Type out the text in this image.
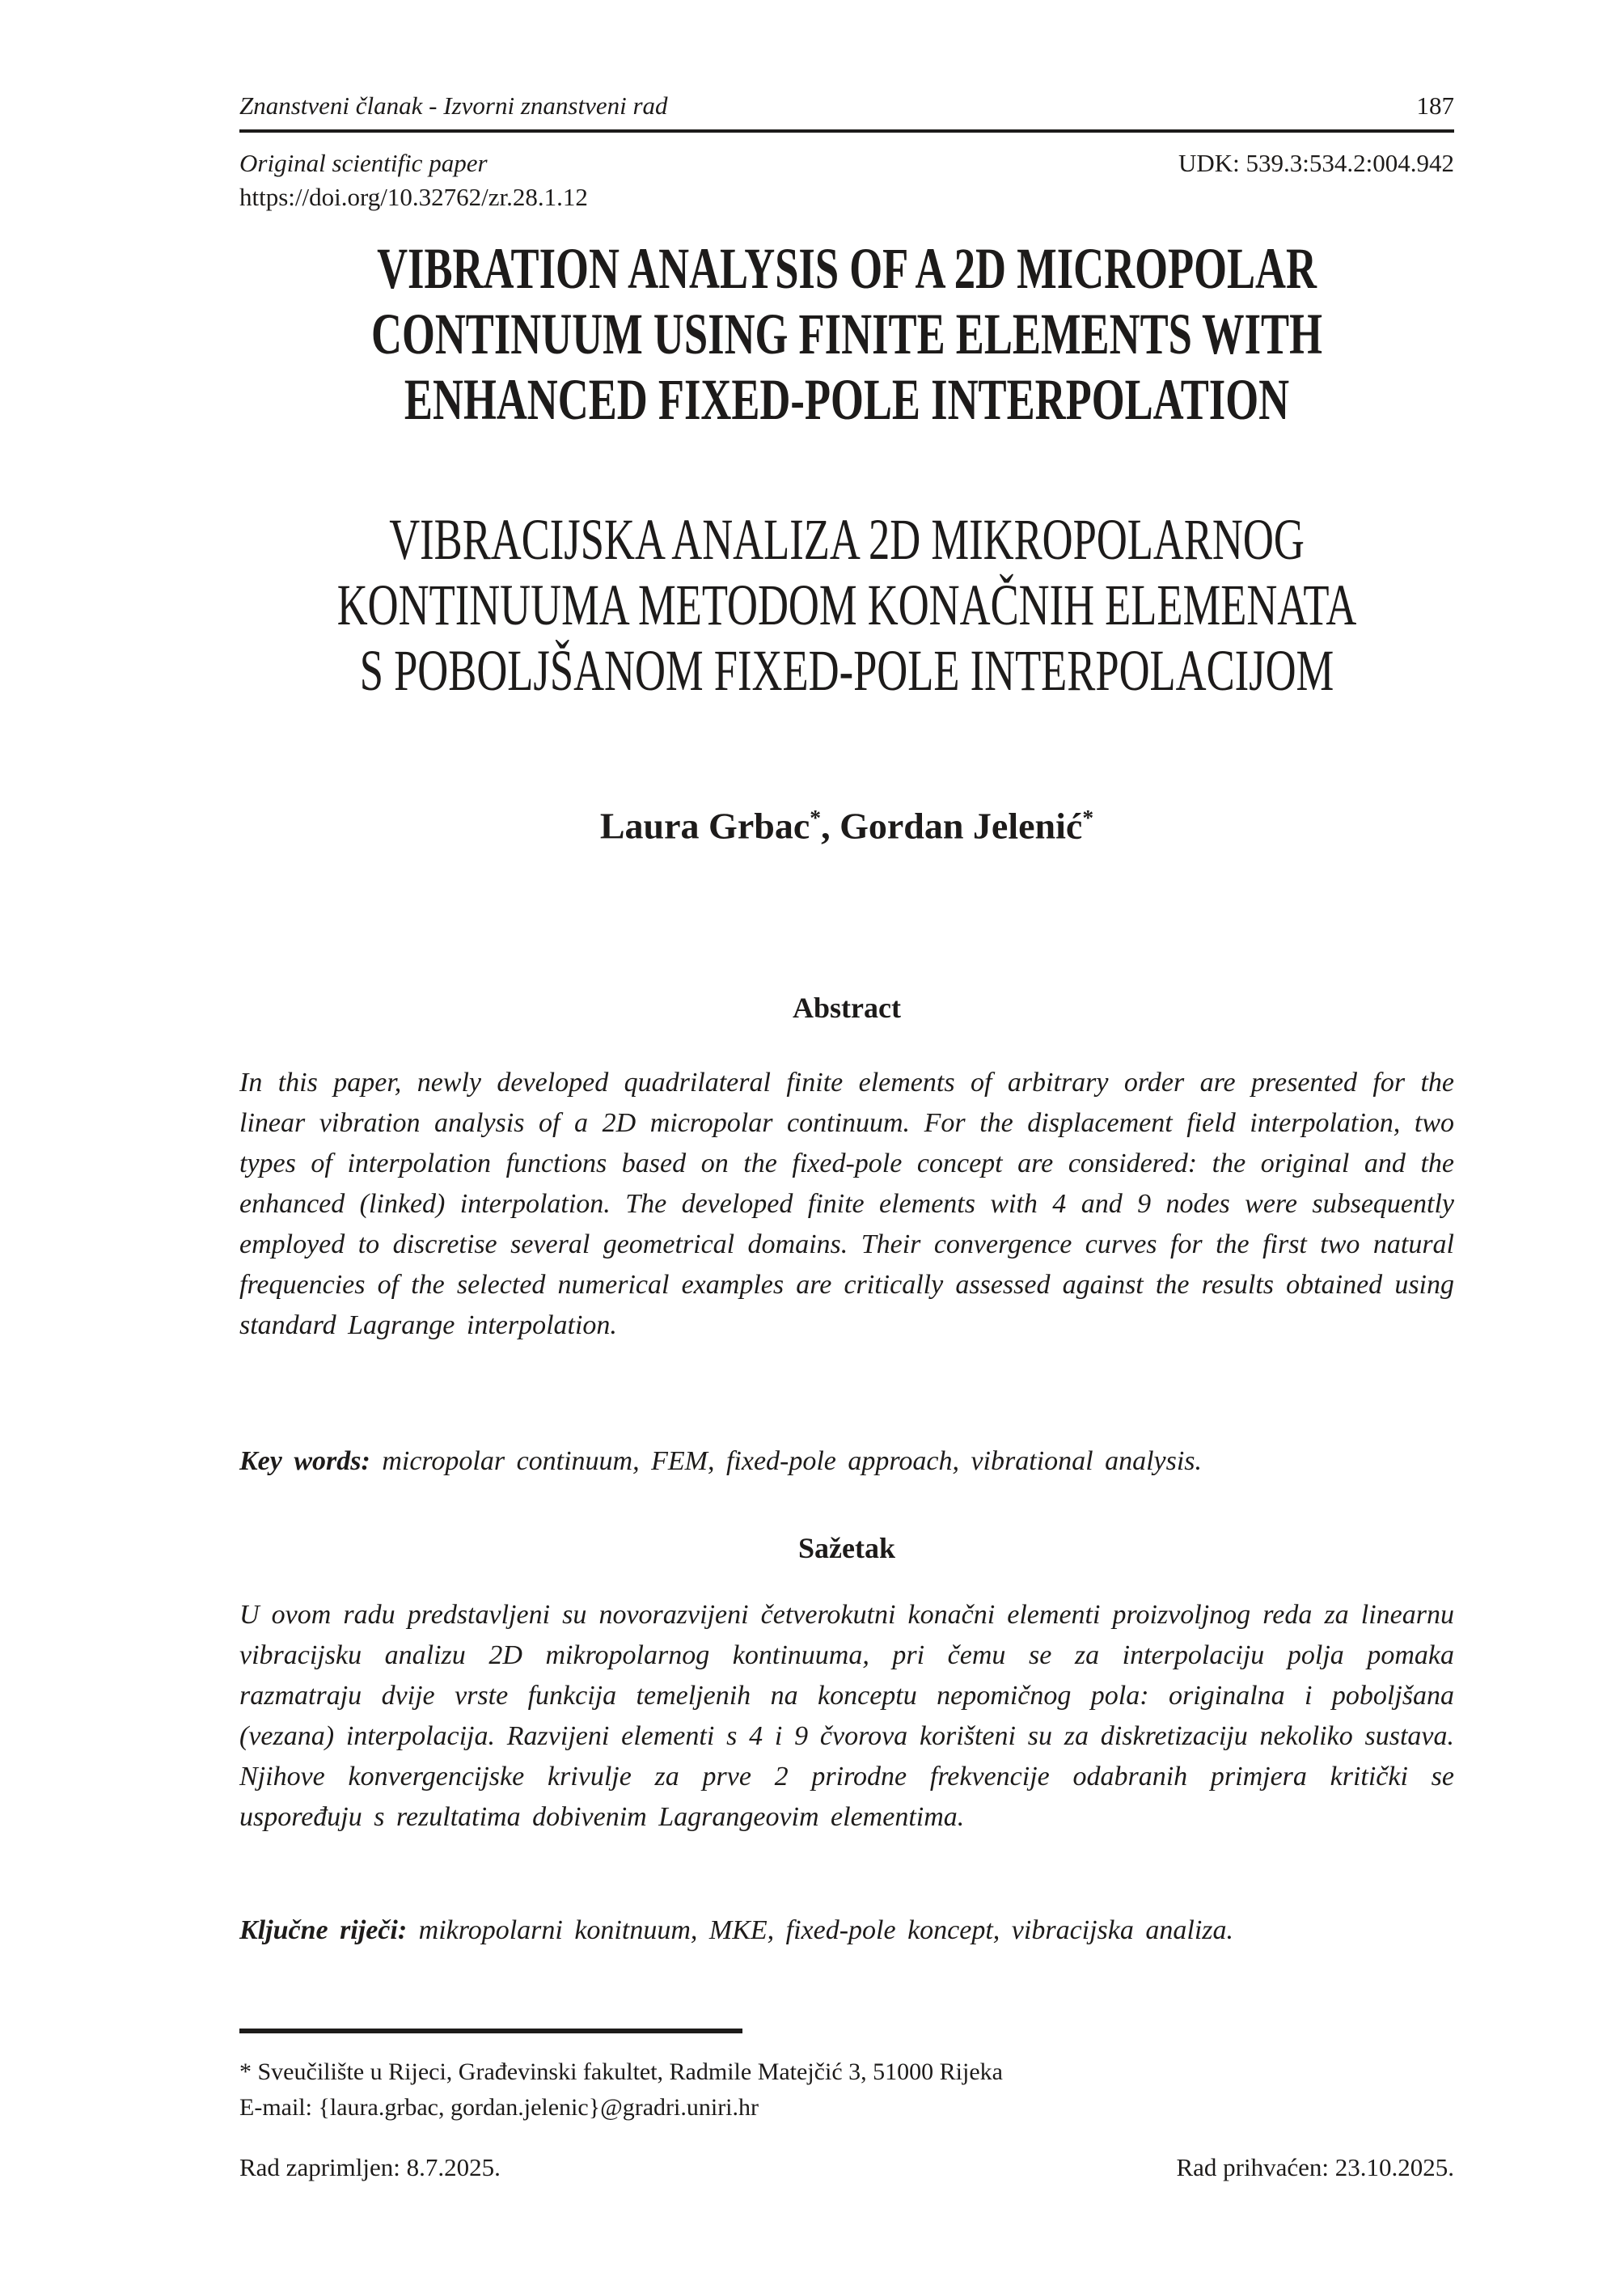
Znanstveni članak - Izvorni znanstveni rad	187
Original scientific paper	UDK: 539.3:534.2:004.942
https://doi.org/10.32762/zr.28.1.12
VIBRATION ANALYSIS OF A 2D MICROPOLAR
CONTINUUM USING FINITE ELEMENTS WITH
ENHANCED FIXED-POLE INTERPOLATION
VIBRACIJSKA ANALIZA 2D MIKROPOLARNOG
KONTINUUMA METODOM KONAČNIH ELEMENATA
S POBOLJŠANOM FIXED-POLE INTERPOLACIJOM
Laura Grbac*, Gordan Jelenić*
Abstract
In this paper, newly developed quadrilateral finite elements of arbitrary order are presented for the linear vibration analysis of a 2D micropolar continuum. For the displacement field interpolation, two types of interpolation functions based on the fixed-pole concept are considered: the original and the enhanced (linked) interpolation. The developed finite elements with 4 and 9 nodes were subsequently employed to discretise several geometrical domains. Their convergence curves for the first two natural frequencies of the selected numerical examples are critically assessed against the results obtained using standard Lagrange interpolation.
Key words: micropolar continuum, FEM, fixed-pole approach, vibrational analysis.
Sažetak
U ovom radu predstavljeni su novorazvijeni četverokutni konačni elementi proizvoljnog reda za linearnu vibracijsku analizu 2D mikropolarnog kontinuuma, pri čemu se za interpolaciju polja pomaka razmatraju dvije vrste funkcija temeljenih na konceptu nepomičnog pola: originalna i poboljšana (vezana) interpolacija. Razvijeni elementi s 4 i 9 čvorova korišteni su za diskretizaciju nekoliko sustava. Njihove konvergencijske krivulje za prve 2 prirodne frekvencije odabranih primjera kritički se uspoređuju s rezultatima dobivenim Lagrangeovim elementima.
Ključne riječi: mikropolarni konitnuum, MKE, fixed-pole koncept, vibracijska analiza.
* Sveučilište u Rijeci, Građevinski fakultet, Radmile Matejčić 3, 51000 Rijeka
E-mail: {laura.grbac, gordan.jelenic}@gradri.uniri.hr
Rad zaprimljen: 8.7.2025.	Rad prihvaćen: 23.10.2025.
